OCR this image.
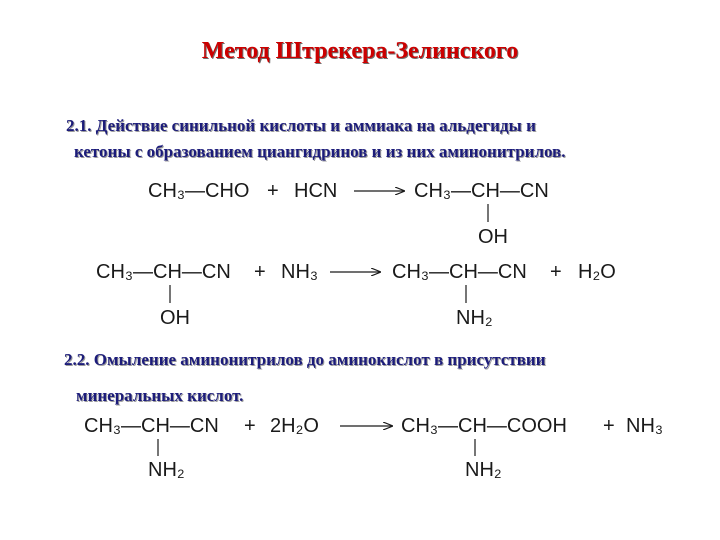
Метод Штрекера-Зелинского

2.1. Действие синильной кислоты и аммиака на альдегиды и

кетоны с образованием циангидринов и из них аминонитрилов.

CH₃—CHO + HCN	CH₃—CH—CN
OH
CH₃—CH—CN
OH
+ NH₃	CH₃—CH—CN
NH₂
+ H₂O
CH₃—CH—CN
NH₂
+ 2H₂O	CH₃—CH—COOH
NH₂
+ NH₃

2.2. Омыление аминонитрилов до аминокислот в присутствии

минеральных кислот.
